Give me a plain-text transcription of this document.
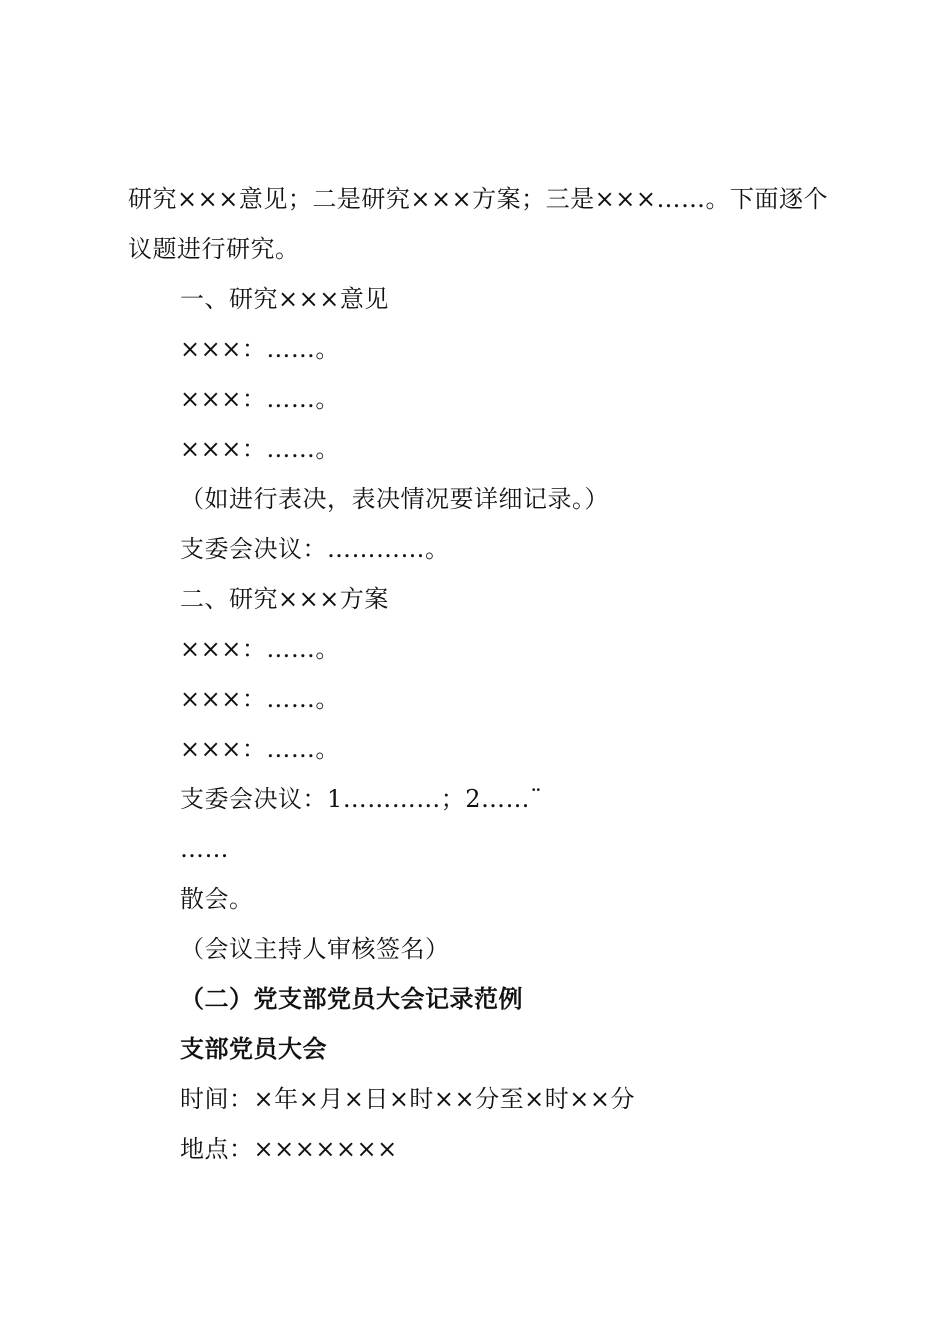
研究×××意见；二是研究×××方案；三是×××……。下面逐个议题进行研究。
一、研究×××意见
×××：……。
×××：……。
×××：……。
（如进行表决，表决情况要详细记录。）
支委会决议：…………。
二、研究×××方案
×××：……。
×××：……。
×××：……。
支委会决议：1…………；2……¨
……
散会。
（会议主持人审核签名）
（二）党支部党员大会记录范例
支部党员大会
时间：×年×月×日×时××分至×时××分
地点：×××××××
